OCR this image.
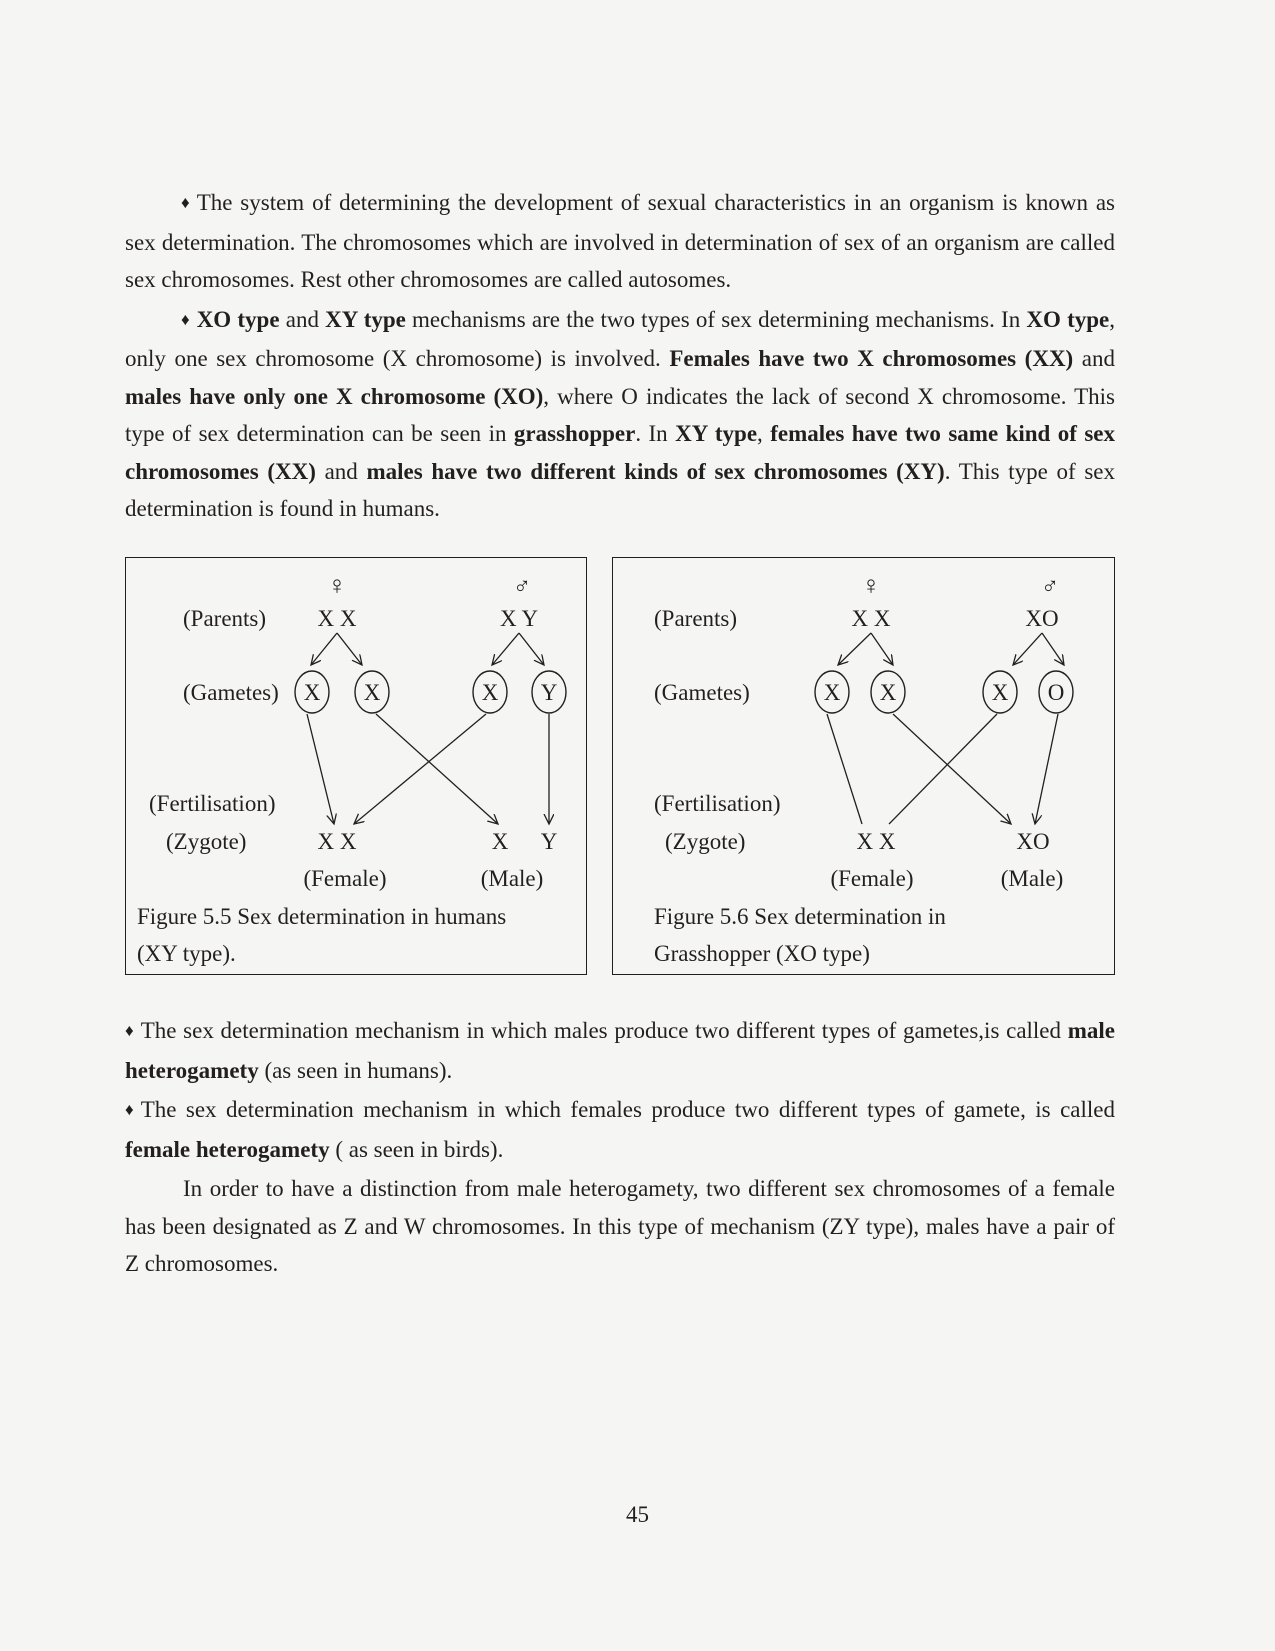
♦ The system of determining the development of sexual characteristics in an organism is known as sex determination. The chromosomes which are involved in determination of sex of an organism are called sex chromosomes. Rest other chromosomes are called autosomes.

♦ XO type and XY type mechanisms are the two types of sex determining mechanisms. In XO type, only one sex chromosome (X chromosome) is involved. Females have two X chromosomes (XX) and males have only one X chromosome (XO), where O indicates the lack of second X chromosome. This type of sex determination can be seen in grasshopper. In XY type, females have two same kind of sex chromosomes (XX) and males have two different kinds of sex chromosomes (XY). This type of sex determination is found in humans.

♀	♂
(Parents) X X	X Y
(Gametes) X X	X Y
(Fertilisation)
(Zygote)	X X	X Y
(Female)	(Male)

Figure 5.5 Sex determination in humans
(XY type).

♀	♂
(Parents)	X X	XO
(Gametes)	X X	X O
(Fertilisation)
(Zygote)	X X	XO
(Female)	(Male)

Figure 5.6 Sex determination in
Grasshopper (XO type)

♦ The sex determination mechanism in which males produce two different types of gametes,is called male heterogamety (as seen in humans).

♦ The sex determination mechanism in which females produce two different types of gamete, is called female heterogamety ( as seen in birds).

In order to have a distinction from male heterogamety, two different sex chromosomes of a female has been designated as Z and W chromosomes. In this type of mechanism (ZY type), males have a pair of Z chromosomes.

45
